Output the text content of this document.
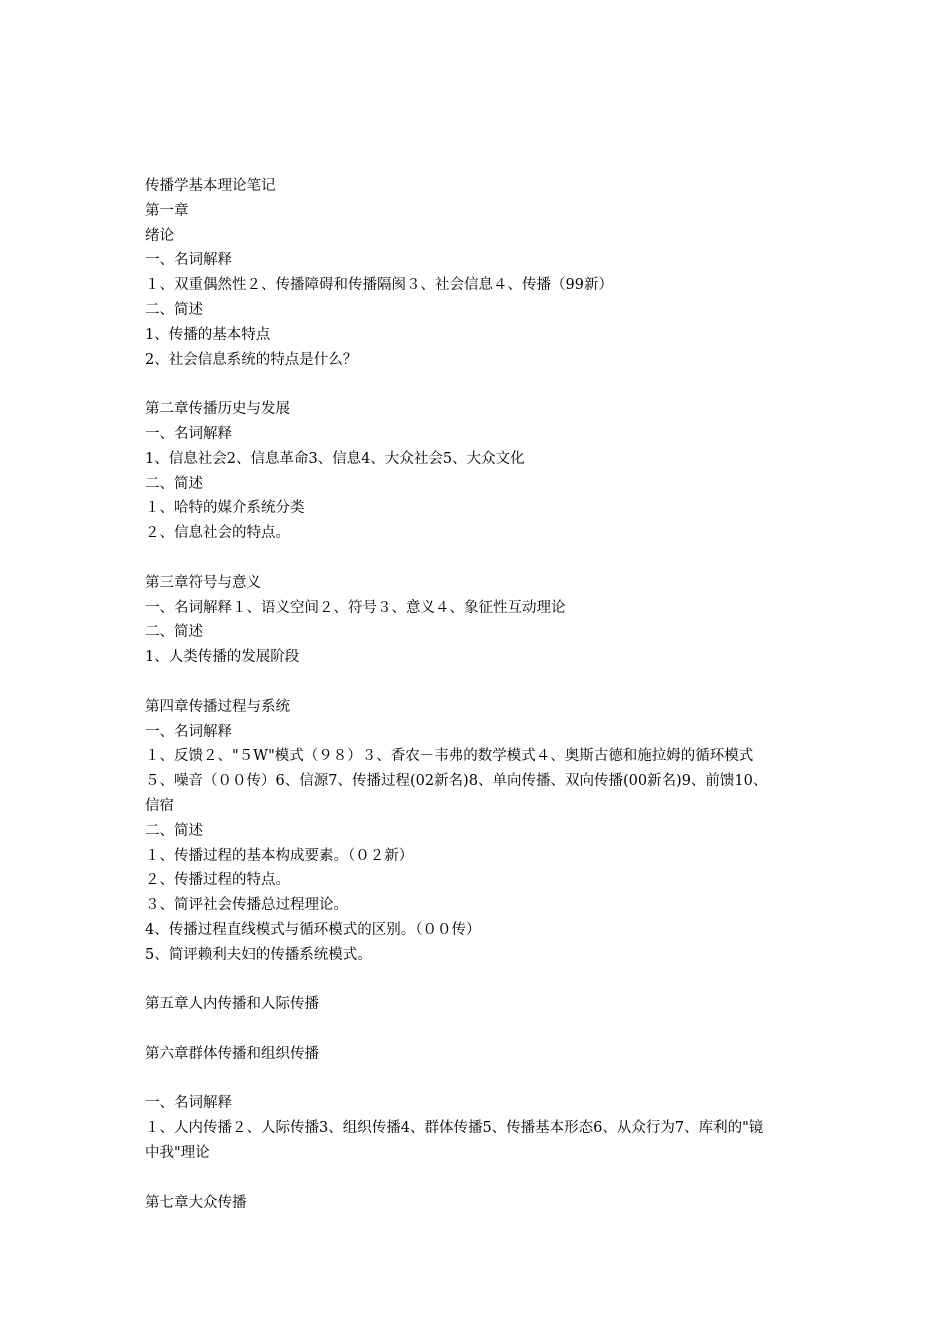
传播学基本理论笔记
第一章
绪论
一、名词解释
１、双重偶然性２、传播障碍和传播隔阂３、社会信息４、传播（99新）
二、简述
1、传播的基本特点
2、社会信息系统的特点是什么？
第二章传播历史与发展
一、名词解释
1、信息社会2、信息革命3、信息4、大众社会5、大众文化
二、简述
１、哈特的媒介系统分类
２、信息社会的特点。
第三章符号与意义
一、名词解释１、语义空间２、符号３、意义４、象征性互动理论
二、简述
1、人类传播的发展阶段
第四章传播过程与系统
一、名词解释
１、反馈２、"５W"模式（９８）３、香农－韦弗的数学模式４、奥斯古德和施拉姆的循环模式
５、噪音（００传）6、信源7、传播过程(02新名)8、单向传播、双向传播(00新名)9、前馈10、
信宿
二、简述
１、传播过程的基本构成要素。（０２新）
２、传播过程的特点。
３、简评社会传播总过程理论。
4、传播过程直线模式与循环模式的区别。（００传）
5、简评赖利夫妇的传播系统模式。
第五章人内传播和人际传播
第六章群体传播和组织传播
一、名词解释
１、人内传播２、人际传播3、组织传播4、群体传播5、传播基本形态6、从众行为7、库利的"镜
中我"理论
第七章大众传播
